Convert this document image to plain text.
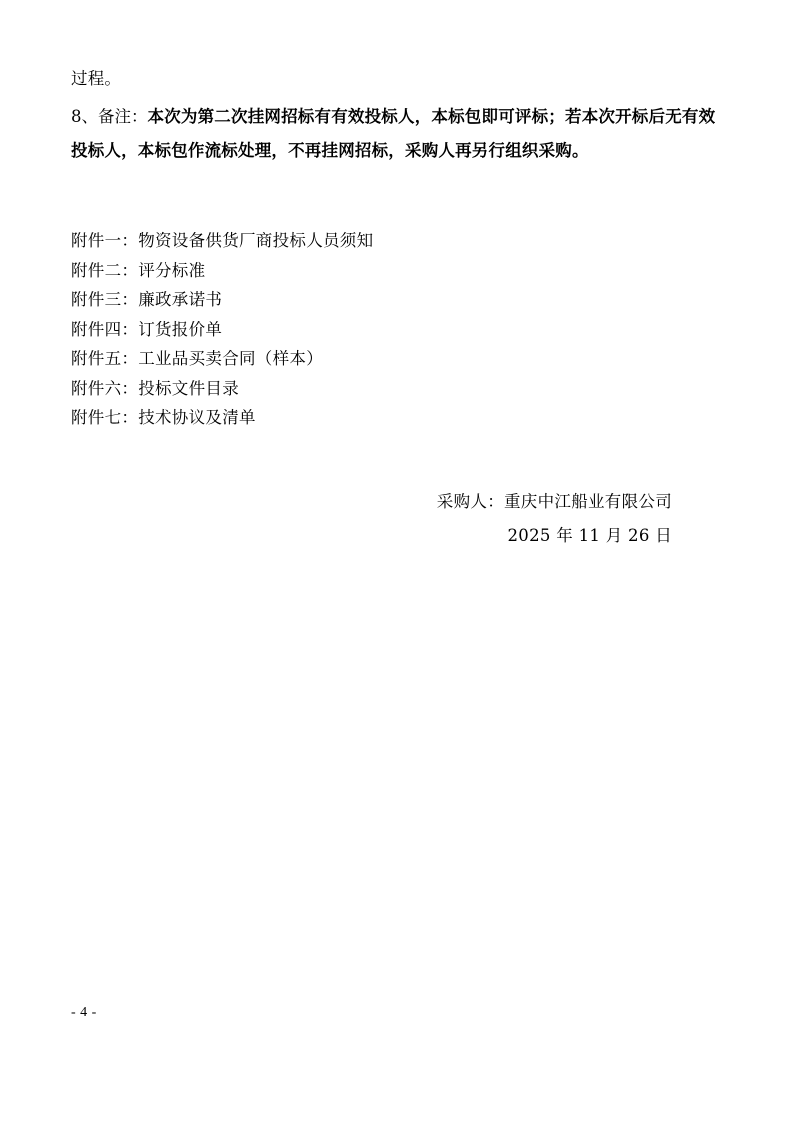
过程。
8、备注：本次为第二次挂网招标有有效投标人，本标包即可评标；若本次开标后无有效投标人，本标包作流标处理，不再挂网招标，采购人再另行组织采购。
附件一：物资设备供货厂商投标人员须知
附件二：评分标准
附件三：廉政承诺书
附件四：订货报价单
附件五：工业品买卖合同（样本）
附件六：投标文件目录
附件七：技术协议及清单
采购人：重庆中江船业有限公司
2025 年 11 月 26 日
- 4 -
